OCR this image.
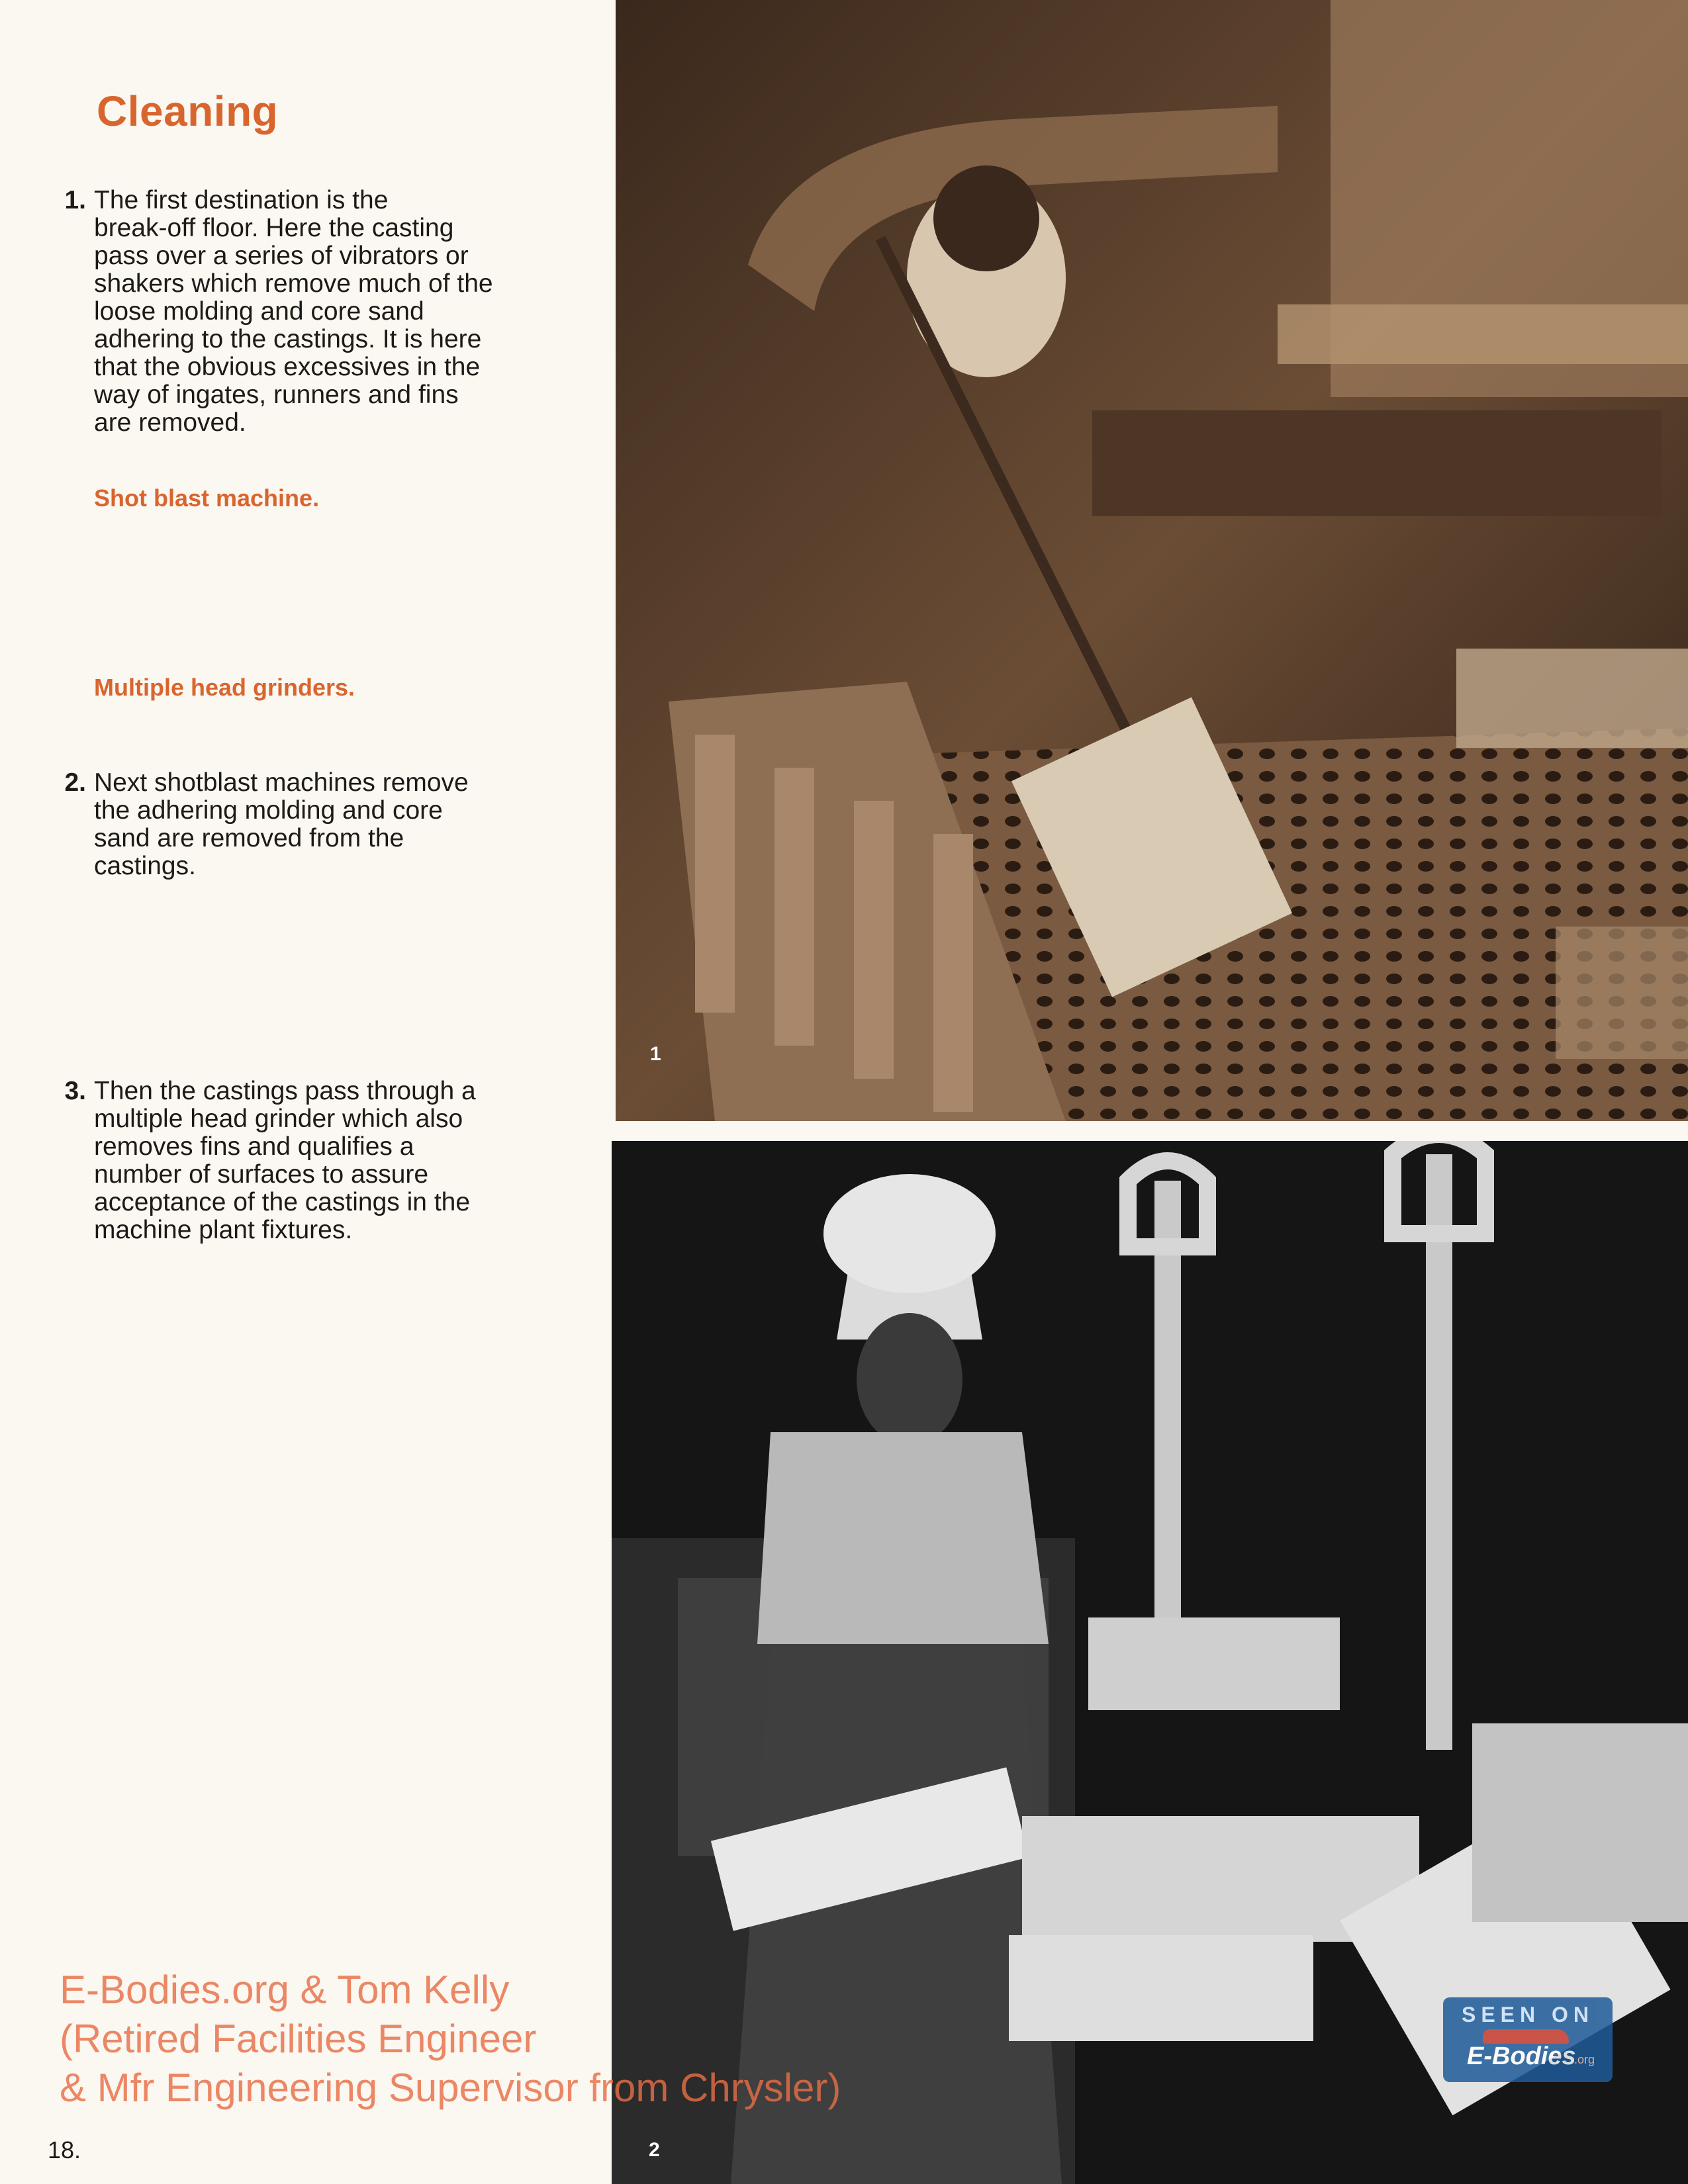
Cleaning
1. The first destination is the
break-off floor. Here the casting
pass over a series of vibrators or
shakers which remove much of the
loose molding and core sand
adhering to the castings. It is here
that the obvious excessives in the
way of ingates, runners and fins
are removed.
Shot blast machine.
2. Next shotblast machines remove
the adhering molding and core
sand are removed from the
castings.
Multiple head grinders.
3. Then the castings pass through a
multiple head grinder which also
removes fins and qualifies a
number of surfaces to assure
acceptance of the castings in the
machine plant fixtures.
1
2
E-Bodies.org & Tom Kelly
(Retired Facilities Engineer
& Mfr Engineering Supervisor from Chrysler)
SEEN ON
E-Bodies
.org
18.
